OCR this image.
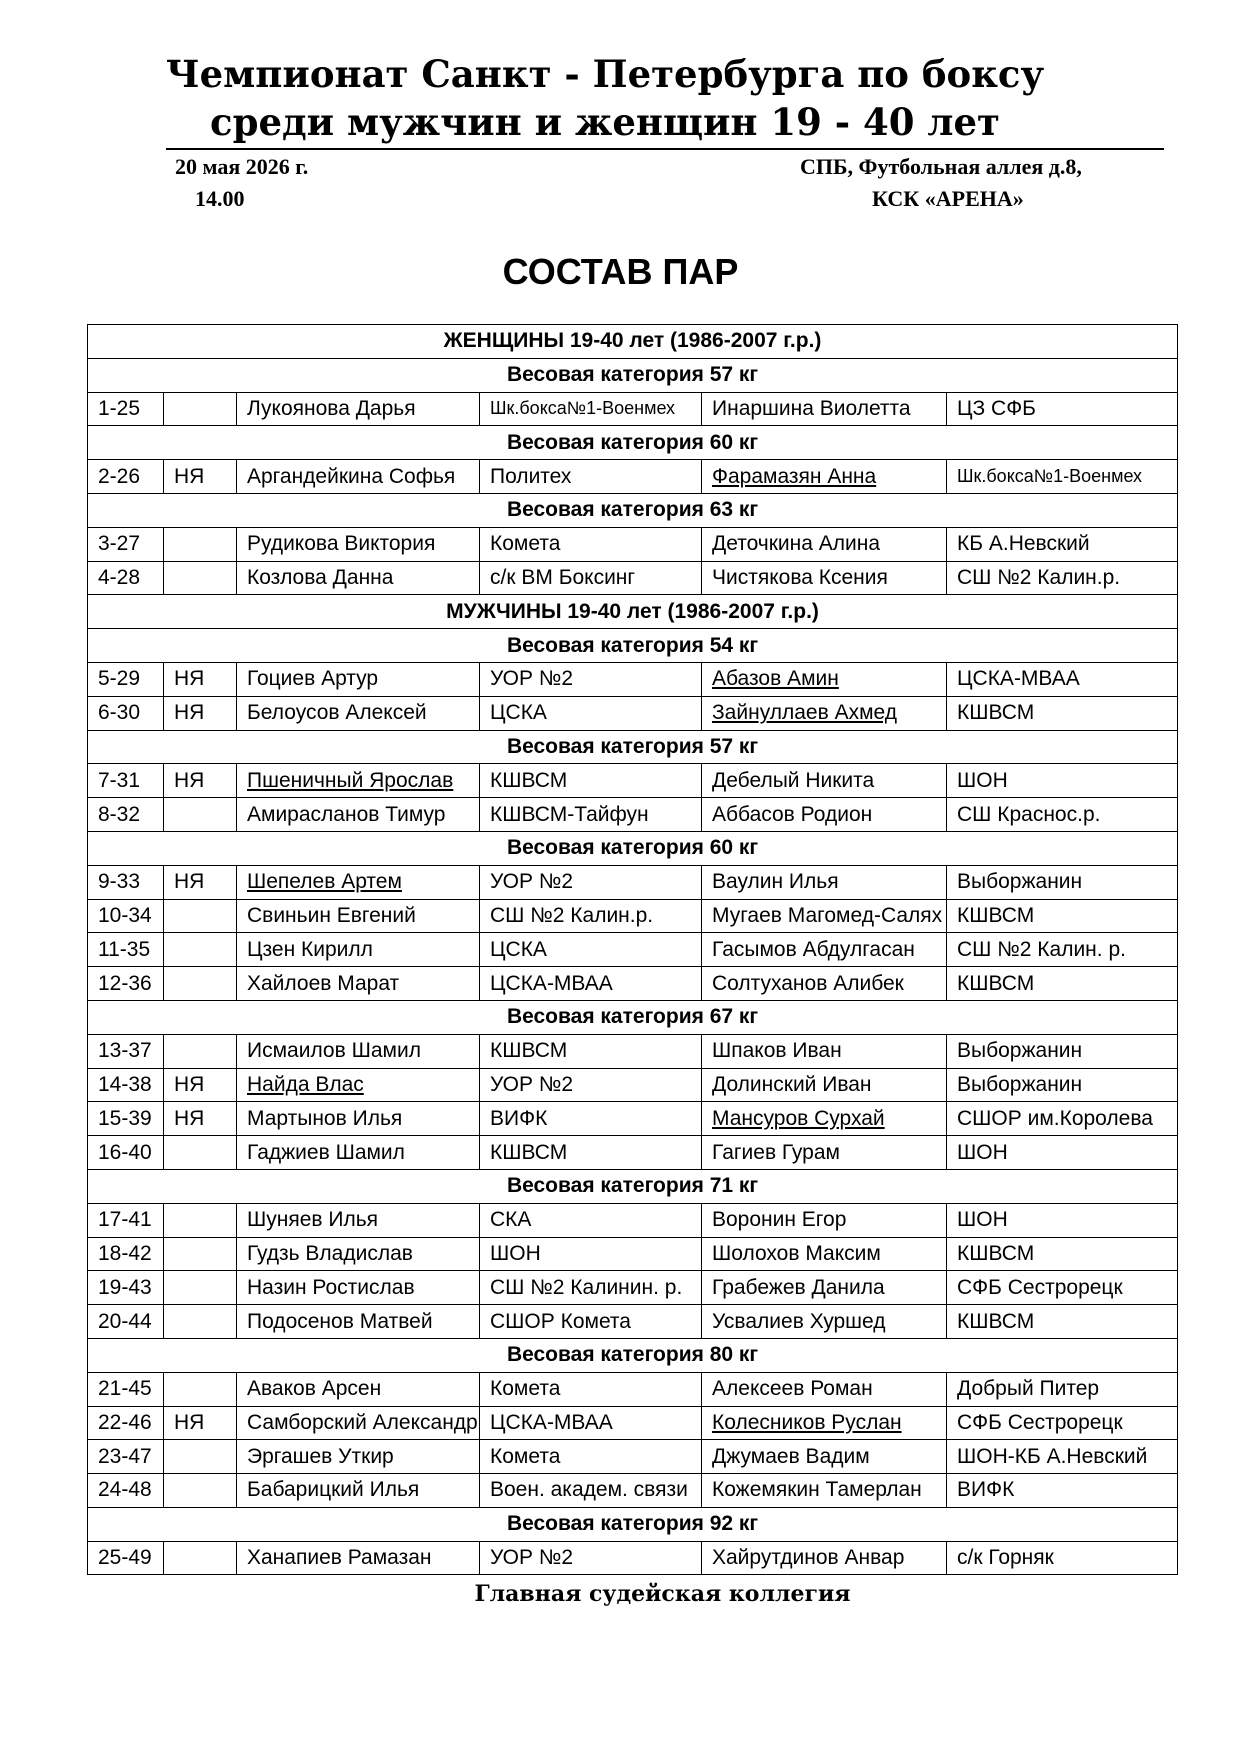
Чемпионат Санкт - Петербурга по боксу
среди мужчин и женщин 19 - 40 лет
20 мая 2026 г.
14.00
СПБ, Футбольная аллея д.8,
КСК «АРЕНА»
СОСТАВ ПАР
ЖЕНЩИНЫ 19-40 лет (1986-2007 г.р.)					
Весовая категория 57 кг					
1-25		Лукоянова Дарья	Шк.бокса№1-Военмех	Инаршина Виолетта	ЦЗ СФБ
Весовая категория 60 кг					
2-26	НЯ	Аргандейкина Софья	Политех	Фарамазян Анна	Шк.бокса№1-Военмех
Весовая категория 63 кг					
3-27		Рудикова Виктория	Комета	Деточкина Алина	КБ А.Невский
4-28		Козлова Данна	с/к ВМ Боксинг	Чистякова Ксения	СШ №2 Калин.р.
МУЖЧИНЫ 19-40 лет (1986-2007 г.р.)					
Весовая категория 54 кг					
5-29	НЯ	Гоциев Артур	УОР №2	Абазов Амин	ЦСКА-МВАА
6-30	НЯ	Белоусов Алексей	ЦСКА	Зайнуллаев Ахмед	КШВСМ
Весовая категория 57 кг					
7-31	НЯ	Пшеничный Ярослав	КШВСМ	Дебелый Никита	ШОН
8-32		Амирасланов Тимур	КШВСМ-Тайфун	Аббасов Родион	СШ Краснос.р.
Весовая категория 60 кг					
9-33	НЯ	Шепелев Артем	УОР №2	Ваулин Илья	Выборжанин
10-34		Свиньин Евгений	СШ №2 Калин.р.	Мугаев Магомед-Салях	КШВСМ
11-35		Цзен Кирилл	ЦСКА	Гасымов Абдулгасан	СШ №2 Калин. р.
12-36		Хайлоев Марат	ЦСКА-МВАА	Солтуханов Алибек	КШВСМ
Весовая категория 67 кг					
13-37		Исмаилов Шамил	КШВСМ	Шпаков Иван	Выборжанин
14-38	НЯ	Найда Влас	УОР №2	Долинский Иван	Выборжанин
15-39	НЯ	Мартынов Илья	ВИФК	Мансуров Сурхай	СШОР им.Королева
16-40		Гаджиев Шамил	КШВСМ	Гагиев Гурам	ШОН
Весовая категория 71 кг					
17-41		Шуняев Илья	СКА	Воронин Егор	ШОН
18-42		Гудзь Владислав	ШОН	Шолохов Максим	КШВСМ
19-43		Назин Ростислав	СШ №2 Калинин. р.	Грабежев Данила	СФБ Сестрорецк
20-44		Подосенов Матвей	СШОР Комета	Усвалиев Хуршед	КШВСМ
Весовая категория 80 кг					
21-45		Аваков Арсен	Комета	Алексеев Роман	Добрый Питер
22-46	НЯ	Самборский Александр	ЦСКА-МВАА	Колесников Руслан	СФБ Сестрорецк
23-47		Эргашев Уткир	Комета	Джумаев Вадим	ШОН-КБ А.Невский
24-48		Бабарицкий Илья	Воен. академ. связи	Кожемякин Тамерлан	ВИФК
Весовая категория 92 кг					
25-49		Ханапиев Рамазан	УОР №2	Хайрутдинов Анвар	с/к Горняк
Главная судейская коллегия
